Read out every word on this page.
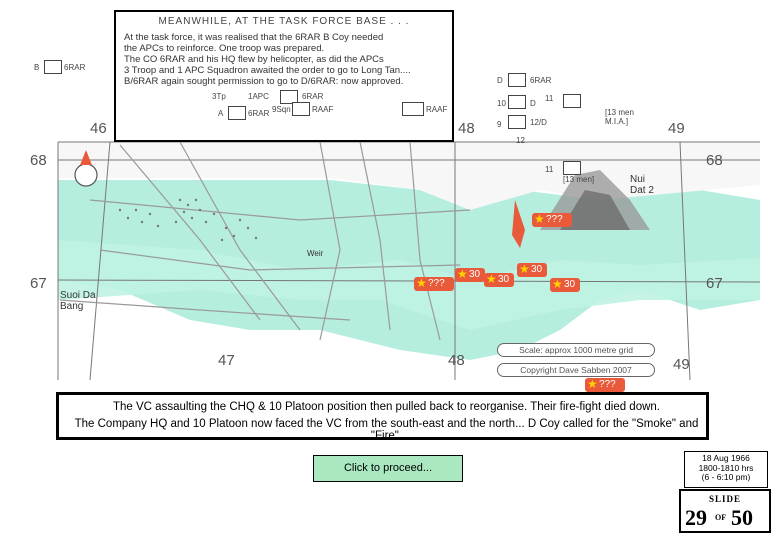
46	48	49
68
67
68
67
47	48	49
Nui
Dat 2
Suoi Da
Bang
Weir
B	6RAR
D	6RAR
10	D
11
[13 men
M.I.A.]
9	12/D
12
11
[13 men]
MEANWHILE, AT THE TASK FORCE BASE . . .
At the task force, it was realised that the 6RAR B Coy needed
the APCs to reinforce. One troop was prepared.
The CO 6RAR and his HQ flew by helicopter, as did the APCs
3 Troop and 1 APC Squadron awaited the order to go to Long Tan....
B/6RAR again sought permission to go to D/6RAR: now approved.
3Tp	1APC	6RAR
A	6RAR 9Sqn	RAAF	RAAF
★ ???
★ ???
★ 30 ★ 30
★ 30
★ 30
★ ???
Scale: approx 1000 metre grid
Copyright Dave Sabben 2007
The VC assaulting the CHQ & 10 Platoon position then pulled back to reorganise. Their fire-fight died down.
The Company HQ and 10 Platoon now faced the VC from the south-east and the north... D Coy called for the "Smoke" and "Fire".
Click to proceed...
18 Aug 1966
1800-1810 hrs
(6 - 6:10 pm)
SLIDE
29 OF 50
